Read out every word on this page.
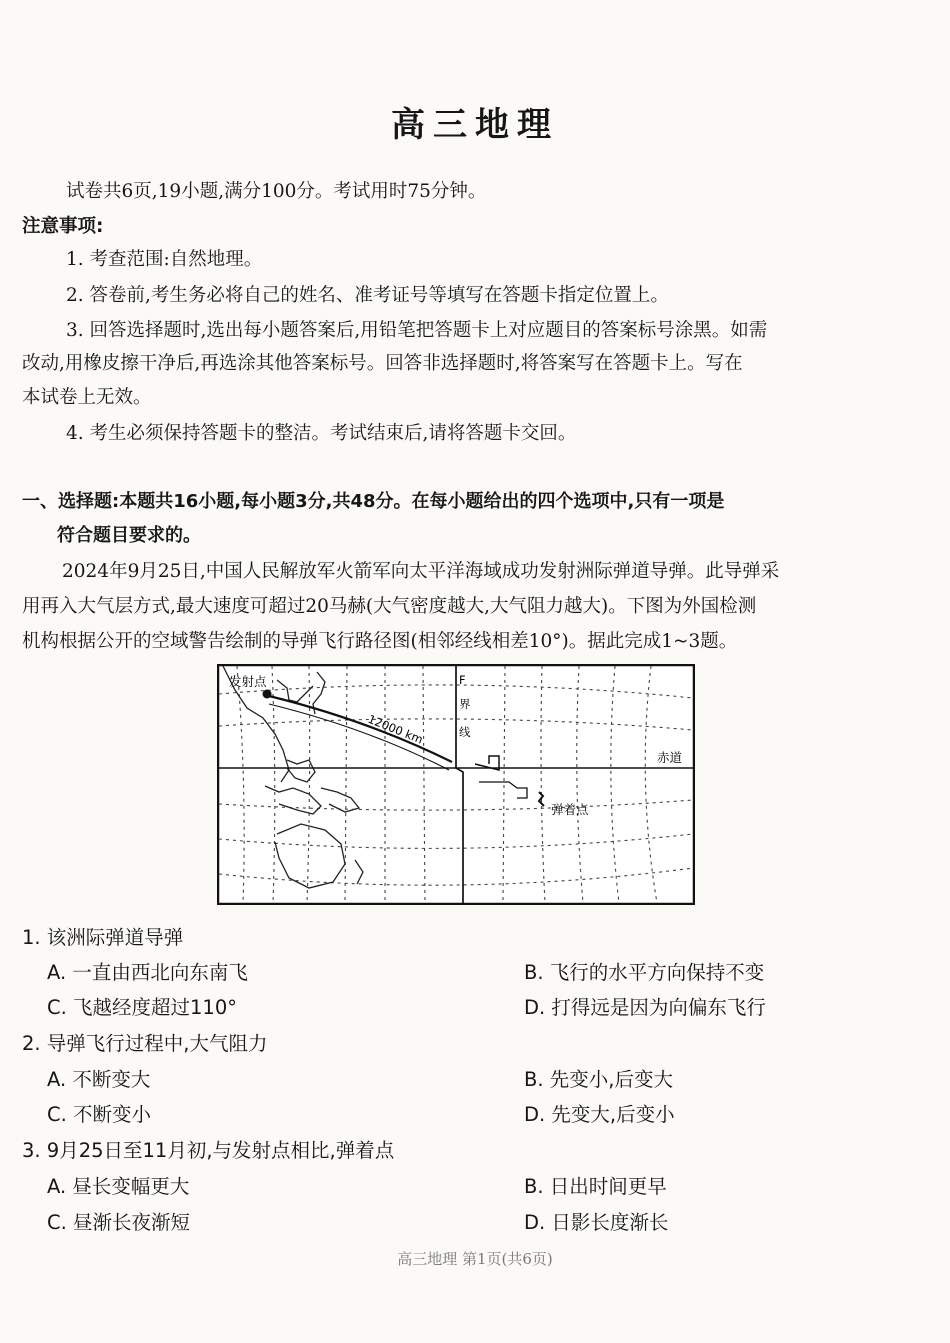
高三地理
试卷共6页,19小题,满分100分。考试用时75分钟。
注意事项:
1. 考查范围:自然地理。
2. 答卷前,考生务必将自己的姓名、准考证号等填写在答题卡指定位置上。
3. 回答选择题时,选出每小题答案后,用铅笔把答题卡上对应题目的答案标号涂黑。如需
改动,用橡皮擦干净后,再选涂其他答案标号。回答非选择题时,将答案写在答题卡上。写在
本试卷上无效。
4. 考生必须保持答题卡的整洁。考试结束后,请将答题卡交回。
一、选择题:本题共16小题,每小题3分,共48分。在每小题给出的四个选项中,只有一项是
符合题目要求的。
2024年9月25日,中国人民解放军火箭军向太平洋海域成功发射洲际弹道导弹。此导弹采
用再入大气层方式,最大速度可超过20马赫(大气密度越大,大气阻力越大)。下图为外国检测
机构根据公开的空域警告绘制的导弹飞行路径图(相邻经线相差10°)。据此完成1~3题。
发射点
12000 km
F
界
线
赤道
弹着点
1. 该洲际弹道导弹
A. 一直由西北向东南飞	B. 飞行的水平方向保持不变
C. 飞越经度超过110°	D. 打得远是因为向偏东飞行
2. 导弹飞行过程中,大气阻力
A. 不断变大	B. 先变小,后变大
C. 不断变小	D. 先变大,后变小
3. 9月25日至11月初,与发射点相比,弹着点
A. 昼长变幅更大	B. 日出时间更早
C. 昼渐长夜渐短	D. 日影长度渐长
高三地理 第1页(共6页)
